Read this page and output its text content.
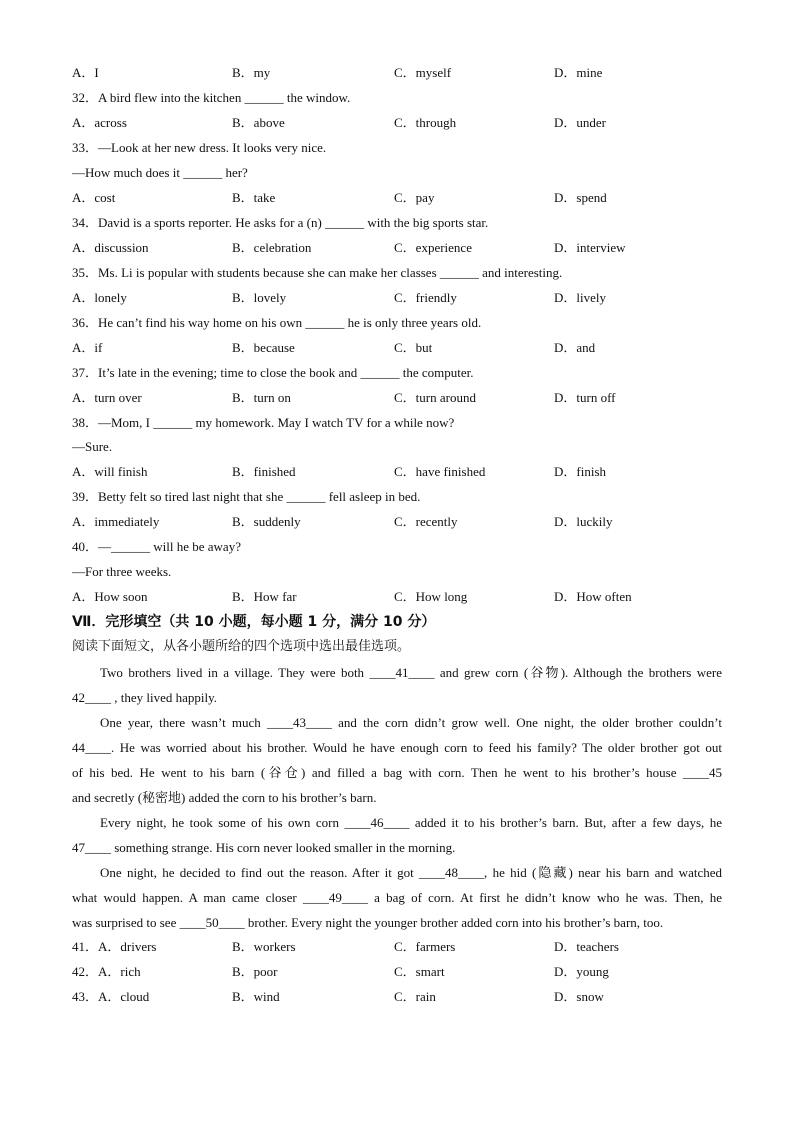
A．I	B．my	C．myself	D．mine
32．A bird flew into the kitchen ______ the window.
A．across	B．above	C．through	D．under
33．—Look at her new dress. It looks very nice.
—How much does it ______ her?
A．cost	B．take	C．pay	D．spend
34．David is a sports reporter. He asks for a (n) ______ with the big sports star.
A．discussion	B．celebration	C．experience	D．interview
35．Ms. Li is popular with students because she can make her classes ______ and interesting.
A．lonely	B．lovely	C．friendly	D．lively
36．He can’t find his way home on his own ______ he is only three years old.
A．if	B．because	C．but	D．and
37．It’s late in the evening; time to close the book and ______ the computer.
A．turn over	B．turn on	C．turn around	D．turn off
38．—Mom, I ______ my homework. May I watch TV for a while now?
—Sure.
A．will finish	B．finished	C．have finished	D．finish
39．Betty felt so tired last night that she ______ fell asleep in bed.
A．immediately	B．suddenly	C．recently	D．luckily
40．—______ will he be away?
—For three weeks.
A．How soon	B．How far	C．How long	D．How often
Ⅶ．完形填空（共 10 小题，每小题 1 分，满分 10 分）
阅读下面短文，从各小题所给的四个选项中选出最佳选项。
Two brothers lived in a village. They were both ____41____ and grew corn (谷物). Although the brothers were
42____ , they lived happily.
One year, there wasn’t much ____43____ and the corn didn’t grow well. One night, the older brother couldn’t
44____. He was worried about his brother. Would he have enough corn to feed his family? The older brother got out
of his bed. He went to his barn (谷仓) and filled a bag with corn. Then he went to his brother’s house ____45
and secretly (秘密地) added the corn to his brother’s barn.
Every night, he took some of his own corn ____46____ added it to his brother’s barn. But, after a few days, he
47____ something strange. His corn never looked smaller in the morning.
One night, he decided to find out the reason. After it got ____48____, he hid (隐藏) near his barn and watched
what would happen. A man came closer ____49____ a bag of corn. At first he didn’t know who he was. Then, he
was surprised to see ____50____ brother. Every night the younger brother added corn into his brother’s barn, too.
41．A．drivers	B．workers	C．farmers	D．teachers
42．A．rich	B．poor	C．smart	D．young
43．A．cloud	B．wind	C．rain	D．snow
